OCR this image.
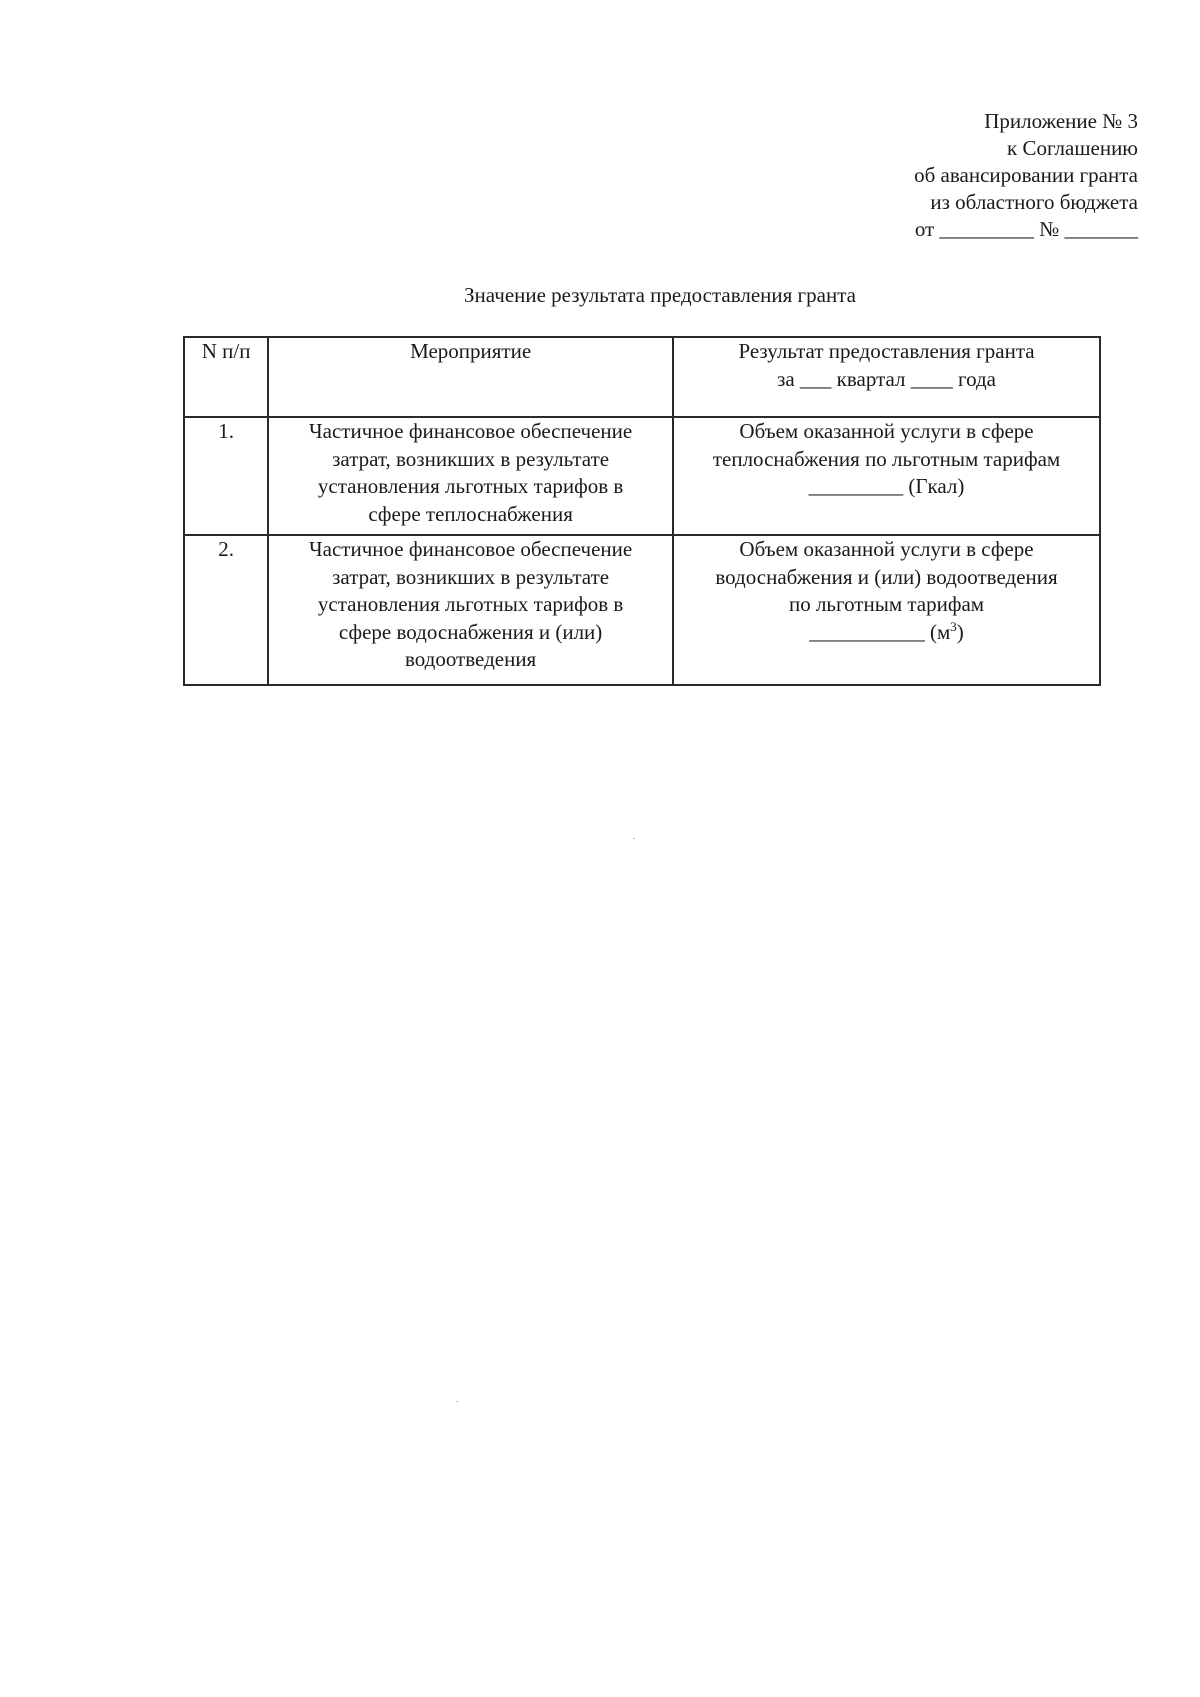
Приложение № 3
к Соглашению
об авансировании гранта
из областного бюджета
от _________ № _______
Значение результата предоставления гранта
N п/п	Мероприятие	Результат предоставления гранта
за ___ квартал ____ года

1.	Частичное финансовое обеспечение
затрат, возникших в результате
установления льготных тарифов в
сфере теплоснабжения	Объем оказанной услуги в сфере
теплоснабжения по льготным тарифам
_________ (Гкал)

2.	Частичное финансовое обеспечение
затрат, возникших в результате
установления льготных тарифов в
сфере водоснабжения и (или)
водоотведения	Объем оказанной услуги в сфере
водоснабжения и (или) водоотведения
по льготным тарифам
___________ $(м^3)$
